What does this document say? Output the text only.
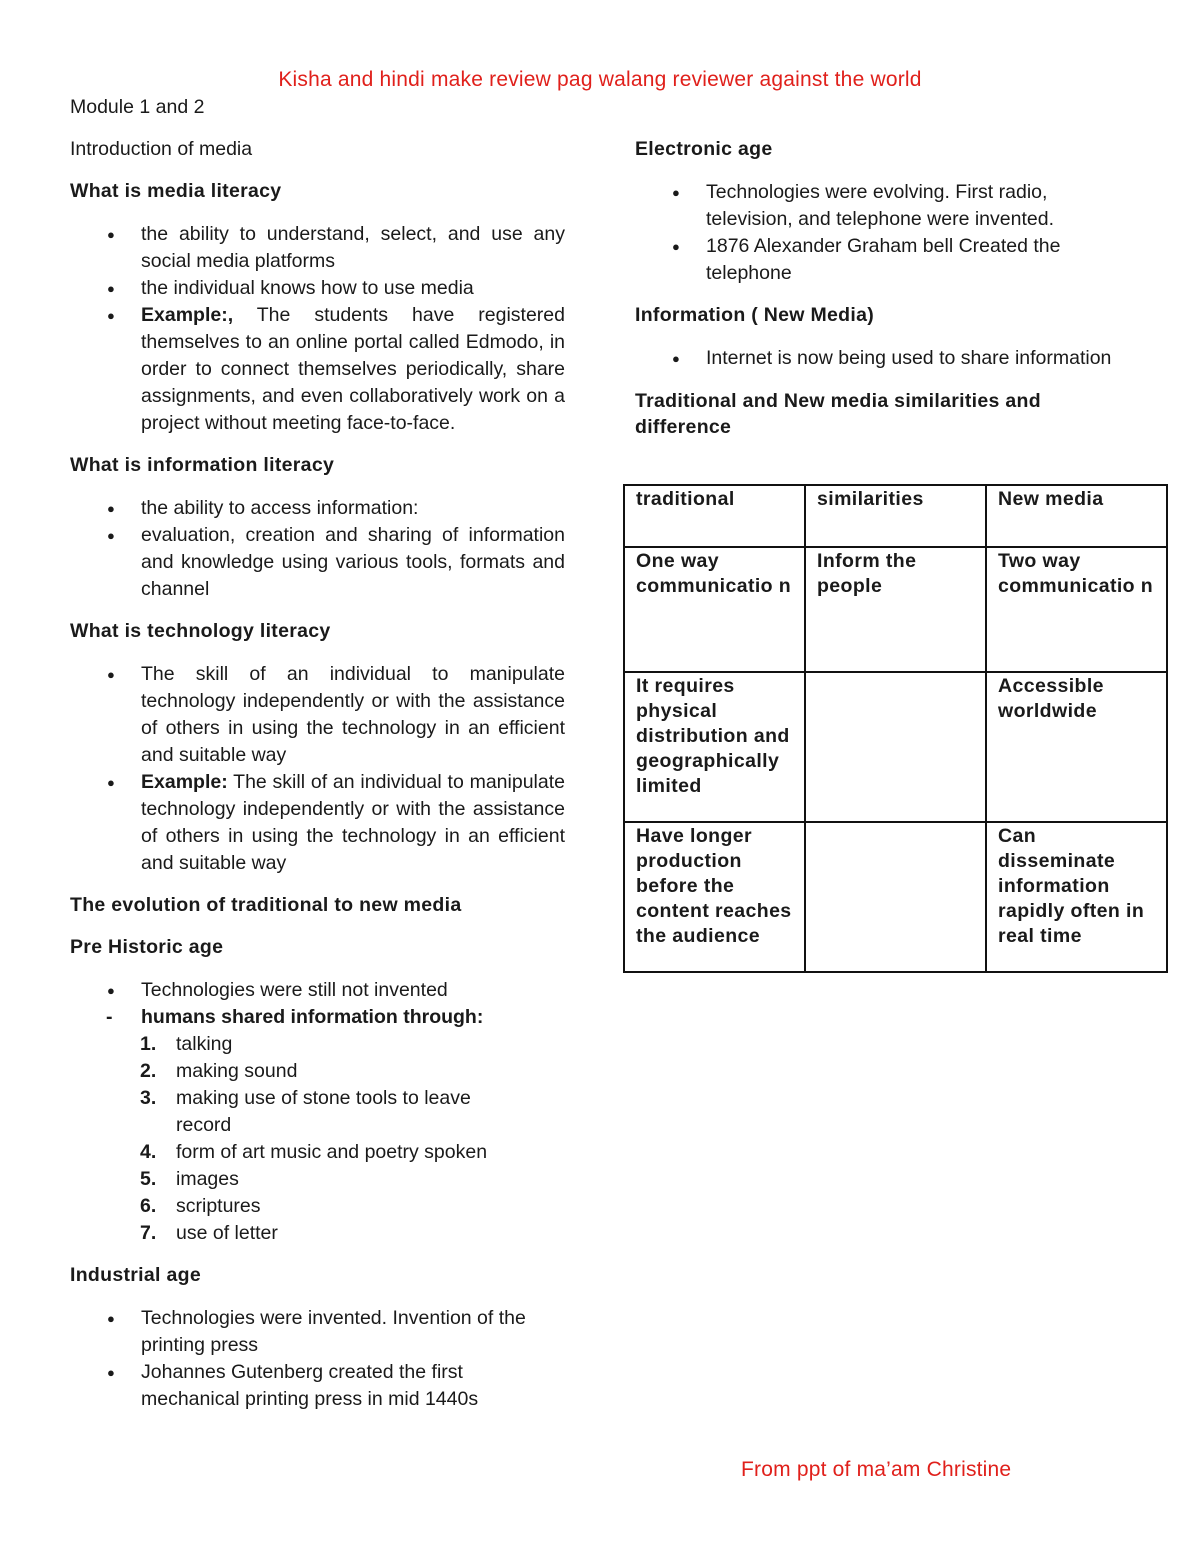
Kisha and hindi make review pag walang reviewer against the world

Module 1 and 2

Introduction of media

What is media literacy

● the ability to understand, select, and use any social media platforms
● the individual knows how to use media
● Example:, The students have registered themselves to an online portal called Edmodo, in order to connect themselves periodically, share assignments, and even collaboratively work on a project without meeting face-to-face.

What is information literacy

● the ability to access information:
● evaluation, creation and sharing of information and knowledge using various tools, formats and channel

What is technology literacy

● The skill of an individual to manipulate technology independently or with the assistance of others in using the technology in an efficient and suitable way
● Example: The skill of an individual to manipulate technology independently or with the assistance of others in using the technology in an efficient and suitable way

The evolution of traditional to new media

Pre Historic age

● Technologies were still not invented
- humans shared information through:
1. talking
2. making sound
3. making use of stone tools to leave record
4. form of art music and poetry spoken
5. images
6. scriptures
7. use of letter

Industrial age

● Technologies were invented. Invention of the printing press
● Johannes Gutenberg created the first mechanical printing press in mid 1440s

Electronic age

● Technologies were evolving. First radio, television, and telephone were invented.
● 1876 Alexander Graham bell Created the telephone

Information ( New Media)

● Internet is now being used to share information

Traditional and New media similarities and difference

traditional	similarities	New media
One way communicatio n	Inform the people	Two way communicatio n
It requires physical distribution and geographically limited		Accessible worldwide
Have longer production before the content reaches the audience		Can disseminate information rapidly often in real time
From ppt of ma’am Christine
